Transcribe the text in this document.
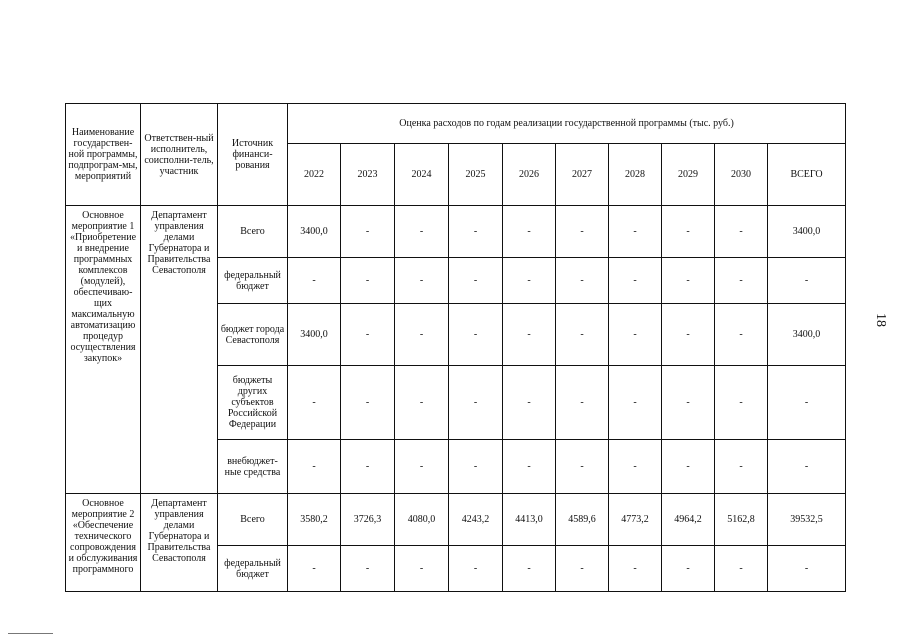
18
Наименование государствен-ной программы, подпрограм-мы, мероприятий	Ответствен-ный исполнитель, соисполни-тель, участник	Источник финанси-рования	Оценка расходов по годам реализации государственной программы (тыс. руб.)									
			2022	2023	2024	2025	2026	2027	2028	2029	2030	ВСЕГО
Основное мероприятие 1 «Приобретение и внедрение программных комплексов (модулей), обеспечиваю-щих максимальную автоматизацию процедур осуществления закупок»	Департамент управления делами Губернатора и Правительства Севастополя	Всего	3400,0	-	-	-	-	-	-	-	-	3400,0
		федеральный бюджет	-	-	-	-	-	-	-	-	-	-
		бюджет города Севастополя	3400,0	-	-	-	-	-	-	-	-	3400,0
		бюджеты других субъектов Российской Федерации	-	-	-	-	-	-	-	-	-	-
		внебюджет-ные средства	-	-	-	-	-	-	-	-	-	-
Основное мероприятие 2 «Обеспечение технического сопровождения и обслуживания программного	Департамент управления делами Губернатора и Правительства Севастополя	Всего	3580,2	3726,3	4080,0	4243,2	4413,0	4589,6	4773,2	4964,2	5162,8	39532,5
		федеральный бюджет	-	-	-	-	-	-	-	-	-	-
